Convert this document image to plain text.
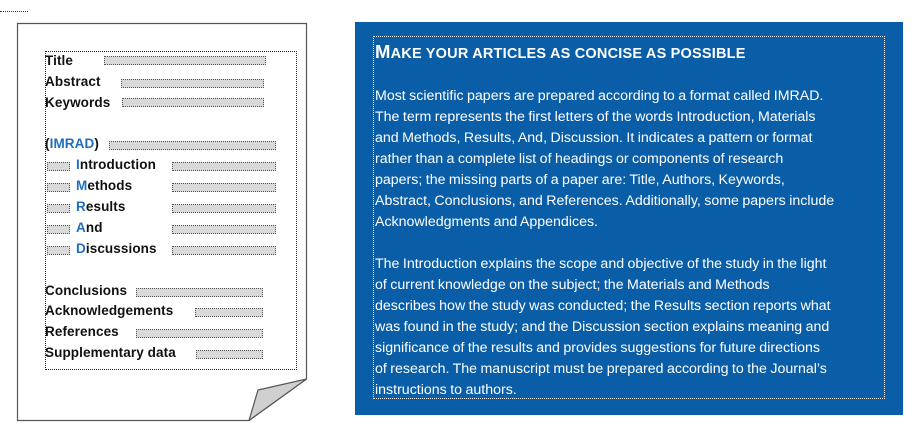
Title
Abstract
Keywords
(IMRAD)
Introduction
Methods
Results
And
Discussions
Conclusions
Acknowledgements
References
Supplementary data
MAKE YOUR ARTICLES AS CONCISE AS POSSIBLE

Most scientific papers are prepared according to a format called IMRAD.
The term represents the first letters of the words Introduction, Materials
and Methods, Results, And, Discussion. It indicates a pattern or format
rather than a complete list of headings or components of research
papers; the missing parts of a paper are: Title, Authors, Keywords,
Abstract, Conclusions, and References. Additionally, some papers include
Acknowledgments and Appendices.

The Introduction explains the scope and objective of the study in the light
of current knowledge on the subject; the Materials and Methods
describes how the study was conducted; the Results section reports what
was found in the study; and the Discussion section explains meaning and
significance of the results and provides suggestions for future directions
of research. The manuscript must be prepared according to the Journal’s
instructions to authors.
